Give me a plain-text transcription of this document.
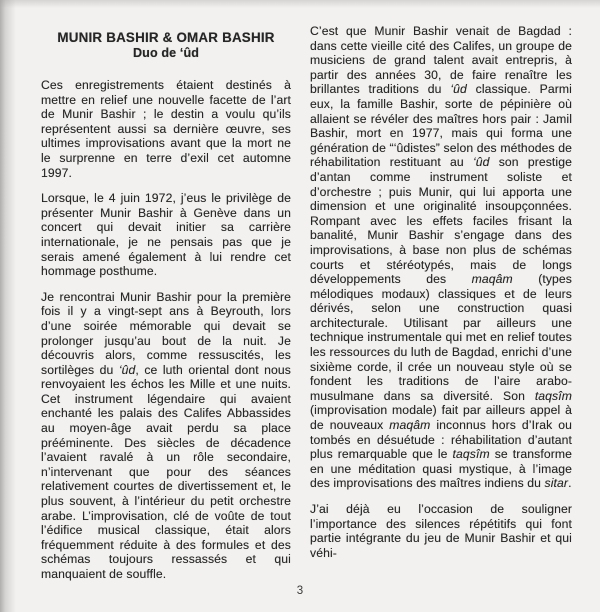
MUNIR BASHIR & OMAR BASHIR
Duo de ‘ûd

Ces enregistrements étaient destinés à mettre en relief une nouvelle facette de l’art de Munir Bashir ; le destin a voulu qu’ils représentent aussi sa dernière œuvre, ses ultimes improvisations avant que la mort ne le surprenne en terre d’exil cet automne 1997.

Lorsque, le 4 juin 1972, j’eus le privilège de présenter Munir Bashir à Genève dans un concert qui devait initier sa carrière internationale, je ne pensais pas que je serais amené également à lui rendre cet hommage posthume.

Je rencontrai Munir Bashir pour la première fois il y a vingt-sept ans à Beyrouth, lors d’une soirée mémorable qui devait se prolonger jusqu’au bout de la nuit. Je découvris alors, comme ressuscités, les sortilèges du ‘ûd, ce luth oriental dont nous renvoyaient les échos les Mille et une nuits. Cet instrument légendaire qui avaient enchanté les palais des Califes Abbassides au moyen-âge avait perdu sa place prééminente. Des siècles de décadence l’avaient ravalé à un rôle secondaire, n’intervenant que pour des séances relativement courtes de divertissement et, le plus souvent, à l’intérieur du petit orchestre arabe. L’improvisation, clé de voûte de tout l’édifice musical classique, était alors fréquemment réduite à des formules et des schémas toujours ressassés et qui manquaient de souffle.

C’est que Munir Bashir venait de Bagdad : dans cette vieille cité des Califes, un groupe de musiciens de grand talent avait entrepris, à partir des années 30, de faire renaître les brillantes traditions du ‘ûd classique. Parmi eux, la famille Bashir, sorte de pépinière où allaient se révéler des maîtres hors pair : Jamil Bashir, mort en 1977, mais qui forma une génération de “‘ûdistes” selon des méthodes de réhabilitation restituant au ‘ûd son prestige d’antan comme instrument soliste et d’orchestre ; puis Munir, qui lui apporta une dimension et une originalité insoupçonnées. Rompant avec les effets faciles frisant la banalité, Munir Bashir s’engage dans des improvisations, à base non plus de schémas courts et stéréotypés, mais de longs développements des maqâm (types mélodiques modaux) classiques et de leurs dérivés, selon une construction quasi architecturale. Utilisant par ailleurs une technique instrumentale qui met en relief toutes les ressources du luth de Bagdad, enrichi d’une sixième corde, il crée un nouveau style où se fondent les traditions de l’aire arabo-musulmane dans sa diversité. Son taqsîm (improvisation modale) fait par ailleurs appel à de nouveaux maqâm inconnus hors d’Irak ou tombés en désuétude : réhabilitation d’autant plus remarquable que le taqsîm se transforme en une méditation quasi mystique, à l’image des improvisations des maîtres indiens du sitar.

J’ai déjà eu l’occasion de souligner l’importance des silences répétitifs qui font partie intégrante du jeu de Munir Bashir et qui véhi-

3
